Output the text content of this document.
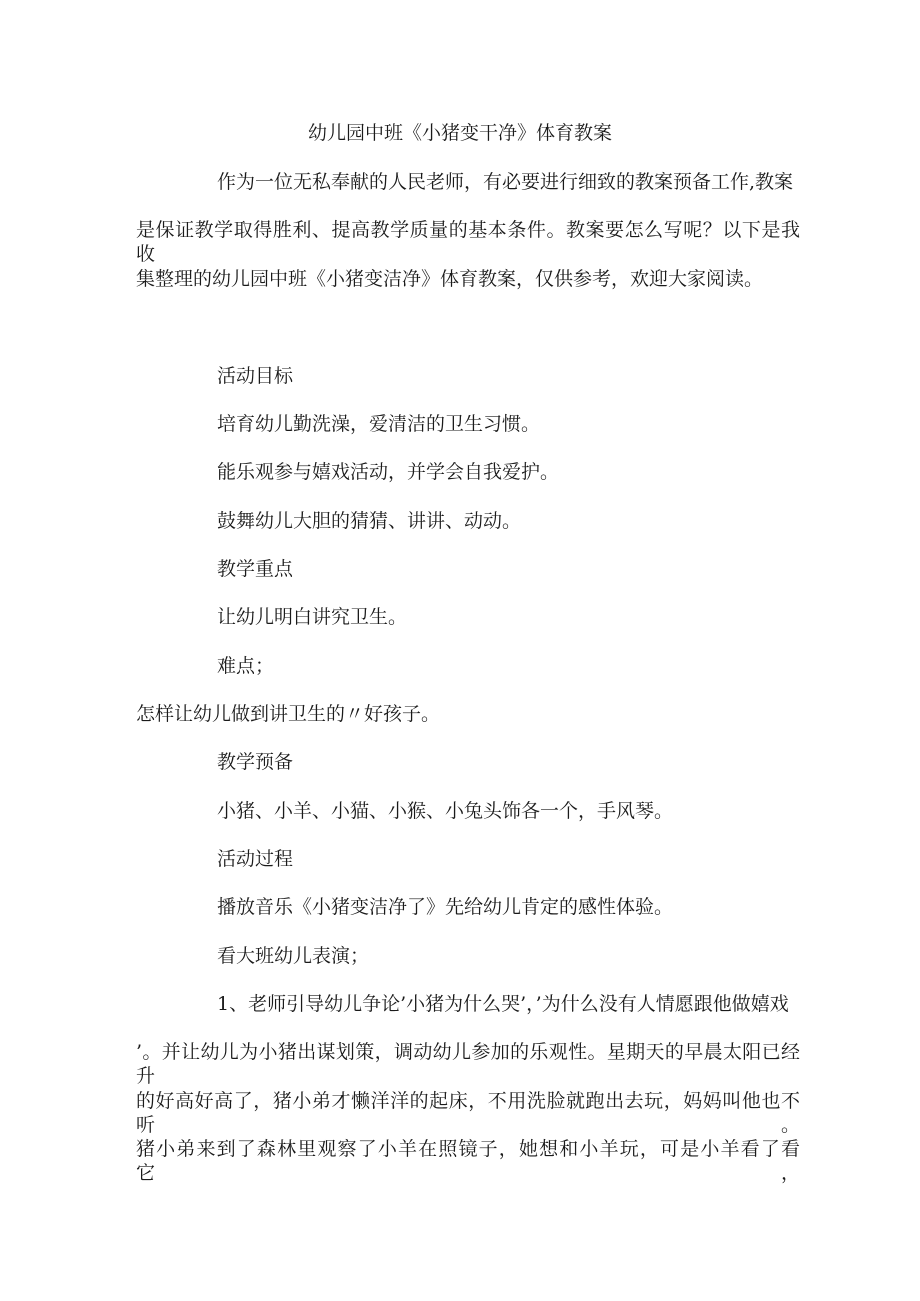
幼儿园中班《小猪变干净》体育教案
作为一位无私奉献的人民老师，有必要进行细致的教案预备工作,教案
是保证教学取得胜利、提高教学质量的基本条件。教案要怎么写呢？以下是我收
集整理的幼儿园中班《小猪变洁净》体育教案，仅供参考，欢迎大家阅读。
活动目标
培育幼儿勤洗澡，爱清洁的卫生习惯。
能乐观参与嬉戏活动，并学会自我爱护。
鼓舞幼儿大胆的猜猜、讲讲、动动。
教学重点
让幼儿明白讲究卫生。
难点；
怎样让幼儿做到讲卫生的〃好孩子。
教学预备
小猪、小羊、小猫、小猴、小兔头饰各一个，手风琴。
活动过程
播放音乐《小猪变洁净了》先给幼儿肯定的感性体验。
看大班幼儿表演；
1、老师引导幼儿争论’小猪为什么哭’，’为什么没有人情愿跟他做嬉戏
’。并让幼儿为小猪出谋划策，调动幼儿参加的乐观性。星期天的早晨太阳已经升
的好高好高了，猪小弟才懒洋洋的起床，不用洗脸就跑出去玩，妈妈叫他也不听。
猪小弟来到了森林里观察了小羊在照镜子，她想和小羊玩，可是小羊看了看它，
